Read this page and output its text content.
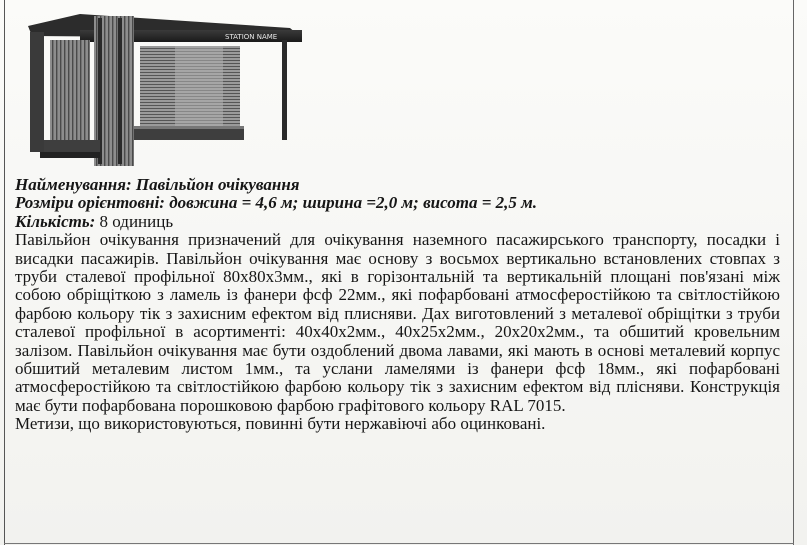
STATION NAME

Найменування: Павільйон очікування

Розміри орієнтовні: довжина = 4,6 м; ширина =2,0 м; висота = 2,5 м.

Кількість: 8 одиниць

Павільйон очікування призначений для очікування наземного пасажирського транспорту, посадки і висадки пасажирів. Павільйон очікування має основу з восьмох вертикально встановлених стовпах з труби сталевої профільної 80х80х3мм., які в горізонтальній та вертикальній площані пов'язані між собою обріщіткою з ламель із фанери фсф 22мм., які пофарбовані атмосферостійкою та світлостійкою фарбою кольору тік з захисним ефектом від плисняви. Дах виготовлений з металевої обріщітки з труби сталевої профільної в асортименті: 40х40х2мм., 40х25х2мм., 20х20х2мм., та обшитий кровельним залізом. Павільйон очікування має бути оздоблений двома лавами, які мають в основі металевий корпус обшитий металевим листом 1мм., та услани ламелями із фанери фсф 18мм., які пофарбовані атмосферостійкою та світлостійкою фарбою кольору тік з захисним ефектом від плісняви. Конструкція має бути пофарбована порошковою фарбою графітового кольору RAL 7015.

Метизи, що використовуються, повинні бути нержавіючі або оцинковані.
